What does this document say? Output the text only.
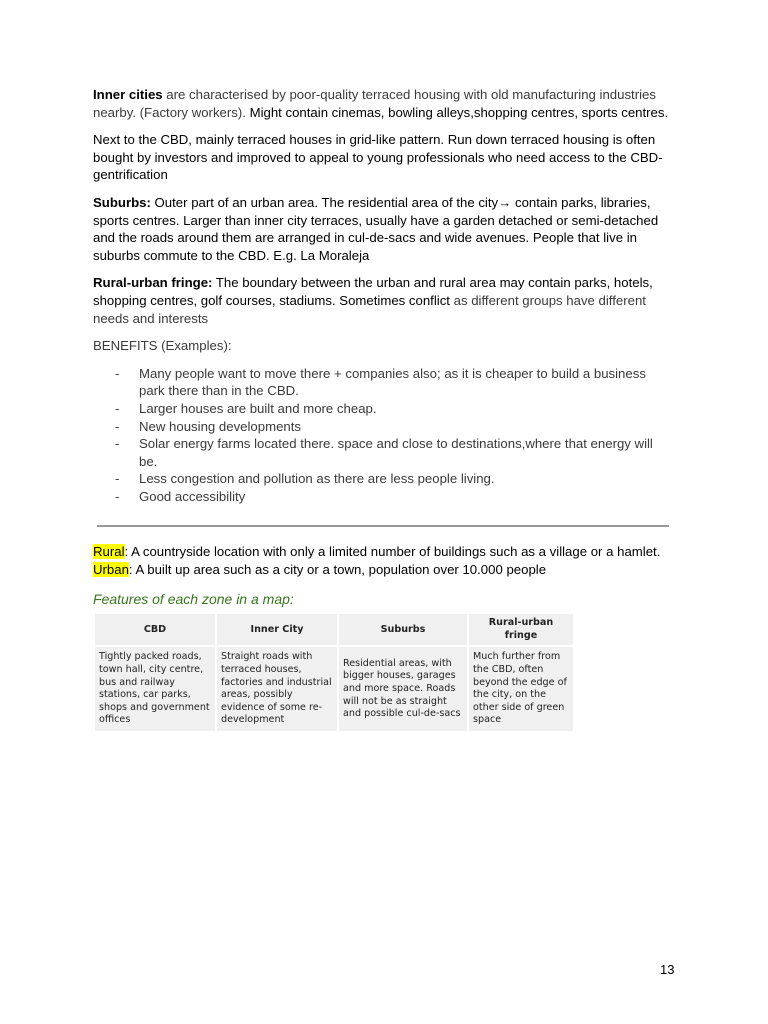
Inner cities are characterised by poor-quality terraced housing with old manufacturing industries nearby. (Factory workers). Might contain cinemas, bowling alleys,shopping centres, sports centres.

Next to the CBD, mainly terraced houses in grid-like pattern. Run down terraced housing is often bought by investors and improved to appeal to young professionals who need access to the CBD-gentrification

Suburbs: Outer part of an urban area. The residential area of the city→ contain parks, libraries, sports centres. Larger than inner city terraces, usually have a garden detached or semi-detached and the roads around them are arranged in cul-de-sacs and wide avenues. People that live in suburbs commute to the CBD. E.g. La Moraleja

Rural-urban fringe: The boundary between the urban and rural area may contain parks, hotels, shopping centres, golf courses, stadiums. Sometimes conflict as different groups have different needs and interests

BENEFITS (Examples):

- Many people want to move there + companies also; as it is cheaper to build a business park there than in the CBD.
- Larger houses are built and more cheap.
- New housing developments
- Solar energy farms located there. space and close to destinations,where that energy will be.
- Less congestion and pollution as there are less people living.
- Good accessibility
Rural: A countryside location with only a limited number of buildings such as a village or a hamlet.
Urban: A built up area such as a city or a town, population over 10.000 people
Features of each zone in a map:
CBD	Inner City	Suburbs	Rural-urban fringe
Tightly packed roads, town hall, city centre, bus and railway stations, car parks, shops and government offices	Straight roads with terraced houses, factories and industrial areas, possibly evidence of some re-development	Residential areas, with bigger houses, garages and more space. Roads will not be as straight and possible cul-de-sacs	Much further from the CBD, often beyond the edge of the city, on the other side of green space
13
